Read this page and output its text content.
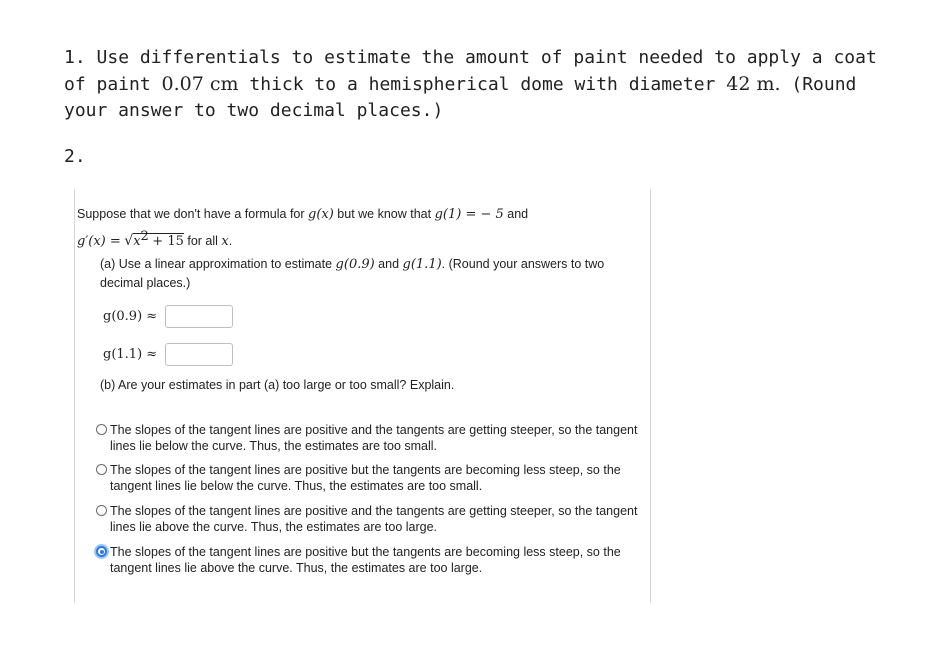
1. Use differentials to estimate the amount of paint needed to apply a coat of paint 0.07 cm thick to a hemispherical dome with diameter 42 m. (Round your answer to two decimal places.)
2.
Suppose that we don't have a formula for g(x) but we know that g(1) = − 5 and
$g'(x) = √x^2 + 15$ for all x.
(a) Use a linear approximation to estimate g(0.9) and g(1.1). (Round your answers to two decimal places.)
g(0.9) ≈
g(1.1) ≈
(b) Are your estimates in part (a) too large or too small? Explain.
The slopes of the tangent lines are positive and the tangents are getting steeper, so the tangent lines lie below the curve. Thus, the estimates are too small.
The slopes of the tangent lines are positive but the tangents are becoming less steep, so the tangent lines lie below the curve. Thus, the estimates are too small.
The slopes of the tangent lines are positive and the tangents are getting steeper, so the tangent lines lie above the curve. Thus, the estimates are too large.
The slopes of the tangent lines are positive but the tangents are becoming less steep, so the tangent lines lie above the curve. Thus, the estimates are too large.
